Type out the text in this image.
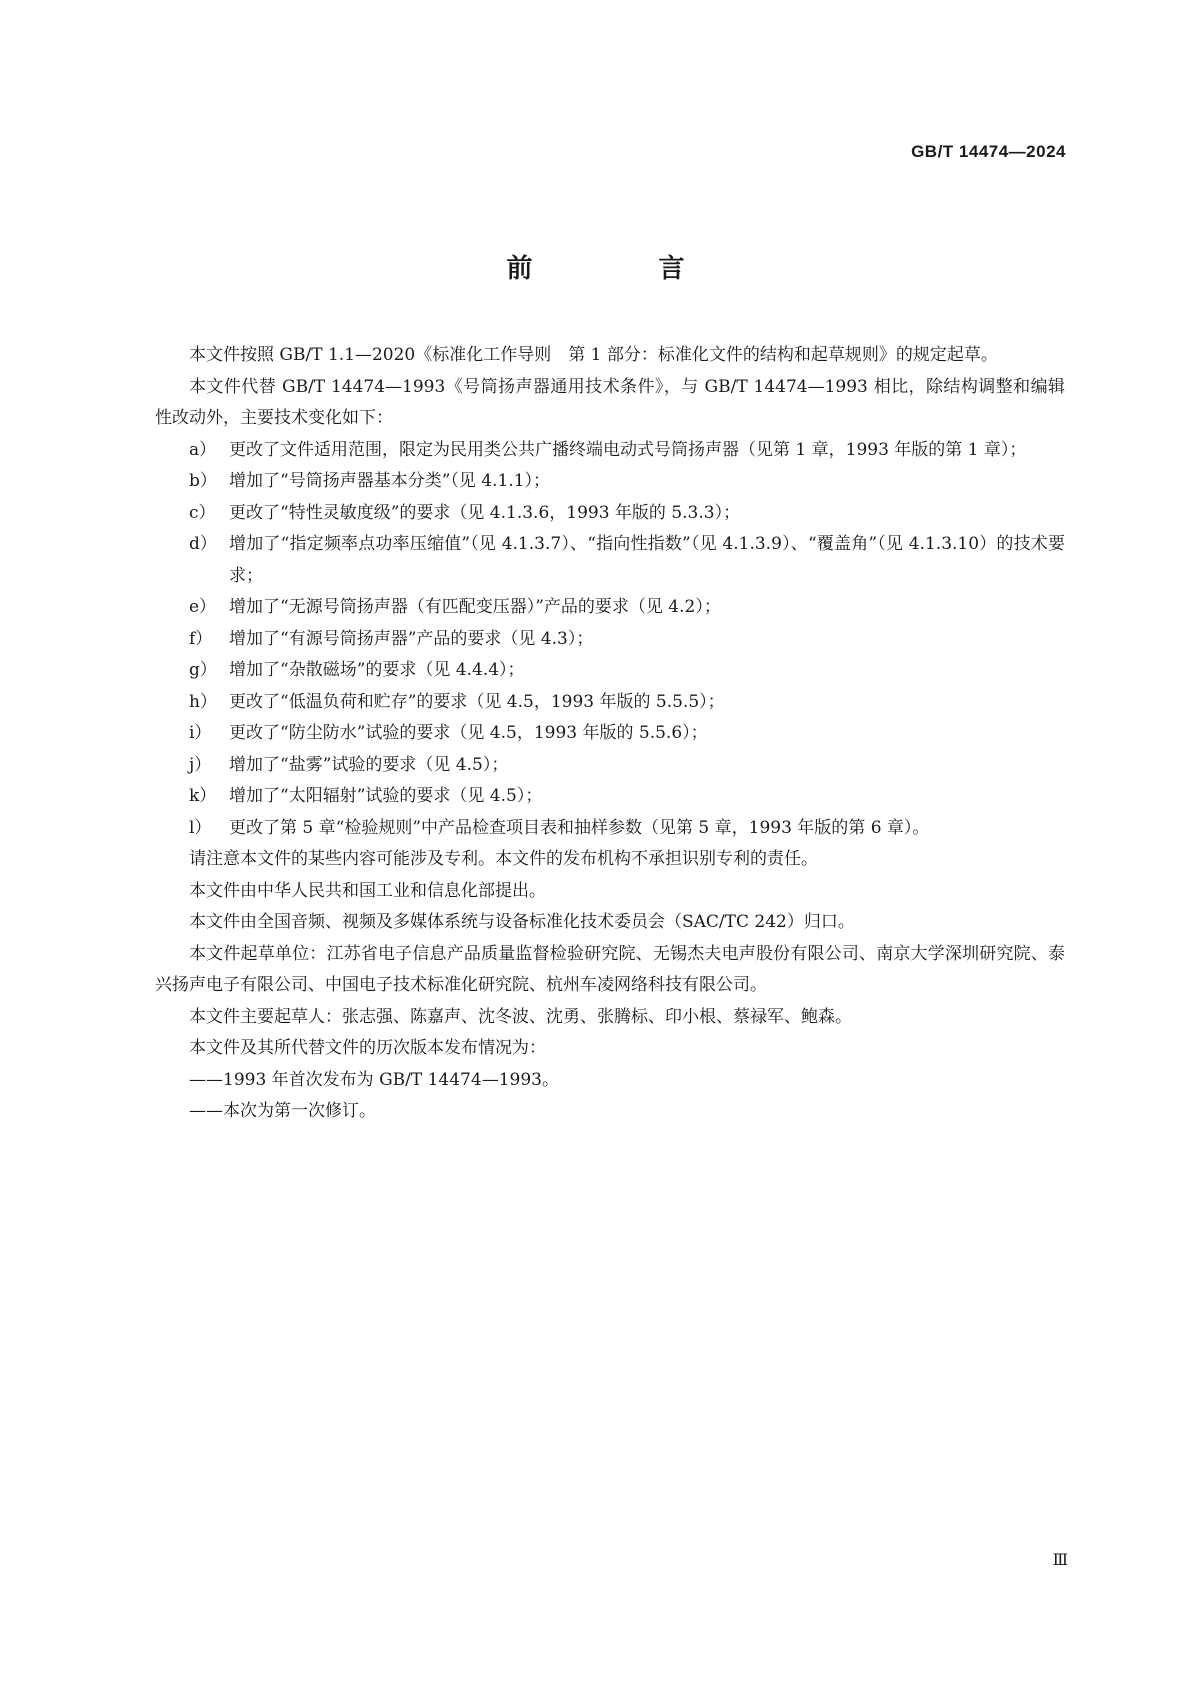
GB/T 14474—2024
前　言

本文件按照 GB/T 1.1—2020《标准化工作导则　第 1 部分：标准化文件的结构和起草规则》的规定起草。

本文件代替 GB/T 14474—1993《号筒扬声器通用技术条件》，与 GB/T 14474—1993 相比，除结构调整和编辑性改动外，主要技术变化如下：

a） 更改了文件适用范围，限定为民用类公共广播终端电动式号筒扬声器（见第 1 章，1993 年版的第 1 章）；
b） 增加了“号筒扬声器基本分类”（见 4.1.1）；
c） 更改了“特性灵敏度级”的要求（见 4.1.3.6，1993 年版的 5.3.3）；
d） 增加了“指定频率点功率压缩值”（见 4.1.3.7）、“指向性指数”（见 4.1.3.9）、“覆盖角”（见 4.1.3.10）的技术要求；
e） 增加了“无源号筒扬声器（有匹配变压器）”产品的要求（见 4.2）；
f） 增加了“有源号筒扬声器”产品的要求（见 4.3）；
g） 增加了“杂散磁场”的要求（见 4.4.4）；
h） 更改了“低温负荷和贮存”的要求（见 4.5，1993 年版的 5.5.5）；
i）	更改了“防尘防水”试验的要求（见 4.5，1993 年版的 5.5.6）；
j）	增加了“盐雾”试验的要求（见 4.5）；
k） 增加了“太阳辐射”试验的要求（见 4.5）；
l）	更改了第 5 章“检验规则”中产品检查项目表和抽样参数（见第 5 章，1993 年版的第 6 章）。

请注意本文件的某些内容可能涉及专利。本文件的发布机构不承担识别专利的责任。

本文件由中华人民共和国工业和信息化部提出。

本文件由全国音频、视频及多媒体系统与设备标准化技术委员会（SAC/TC 242）归口。

本文件起草单位：江苏省电子信息产品质量监督检验研究院、无锡杰夫电声股份有限公司、南京大学深圳研究院、泰兴扬声电子有限公司、中国电子技术标准化研究院、杭州车凌网络科技有限公司。

本文件主要起草人：张志强、陈嘉声、沈冬波、沈勇、张腾标、印小根、蔡禄军、鲍森。

本文件及其所代替文件的历次版本发布情况为：

——1993 年首次发布为 GB/T 14474—1993。

——本次为第一次修订。

Ⅲ
